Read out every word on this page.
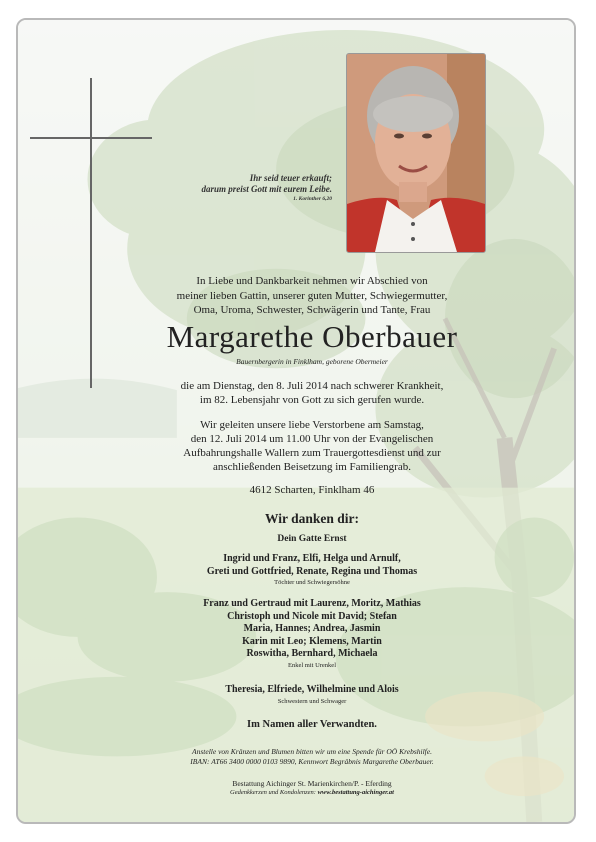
Ihr seid teuer erkauft;
darum preist Gott mit eurem Leibe.
1. Korinther 6,20
In Liebe und Dankbarkeit nehmen wir Abschied von
meiner lieben Gattin, unserer guten Mutter, Schwiegermutter,
Oma, Uroma, Schwester, Schwägerin und Tante, Frau
Margarethe Oberbauer
Bauernbergerin in Finklham, geborene Obermeier
die am Dienstag, den 8. Juli 2014 nach schwerer Krankheit,
im 82. Lebensjahr von Gott zu sich gerufen wurde.
Wir geleiten unsere liebe Verstorbene am Samstag,
den 12. Juli 2014 um 11.00 Uhr von der Evangelischen
Aufbahrungshalle Wallern zum Trauergottesdienst und zur
anschließenden Beisetzung im Familiengrab.
4612 Scharten, Finklham 46
Wir danken dir:
Dein Gatte Ernst
Ingrid und Franz, Elfi, Helga und Arnulf,
Greti und Gottfried, Renate, Regina und Thomas
Töchter und Schwiegersöhne
Franz und Gertraud mit Laurenz, Moritz, Mathias
Christoph und Nicole mit David; Stefan
Maria, Hannes; Andrea, Jasmin
Karin mit Leo; Klemens, Martin
Roswitha, Bernhard, Michaela
Enkel mit Urenkel
Theresia, Elfriede, Wilhelmine und Alois
Schwestern und Schwager
Im Namen aller Verwandten.
Anstelle von Kränzen und Blumen bitten wir um eine Spende für OÖ Krebshilfe.
IBAN: AT66 3400 0000 0103 9890, Kennwort Begräbnis Margarethe Oberbauer.
Bestattung Aichinger St. Marienkirchen/P. - Eferding
Gedenkkerzen und Kondolenzen: www.bestattung-aichinger.at
